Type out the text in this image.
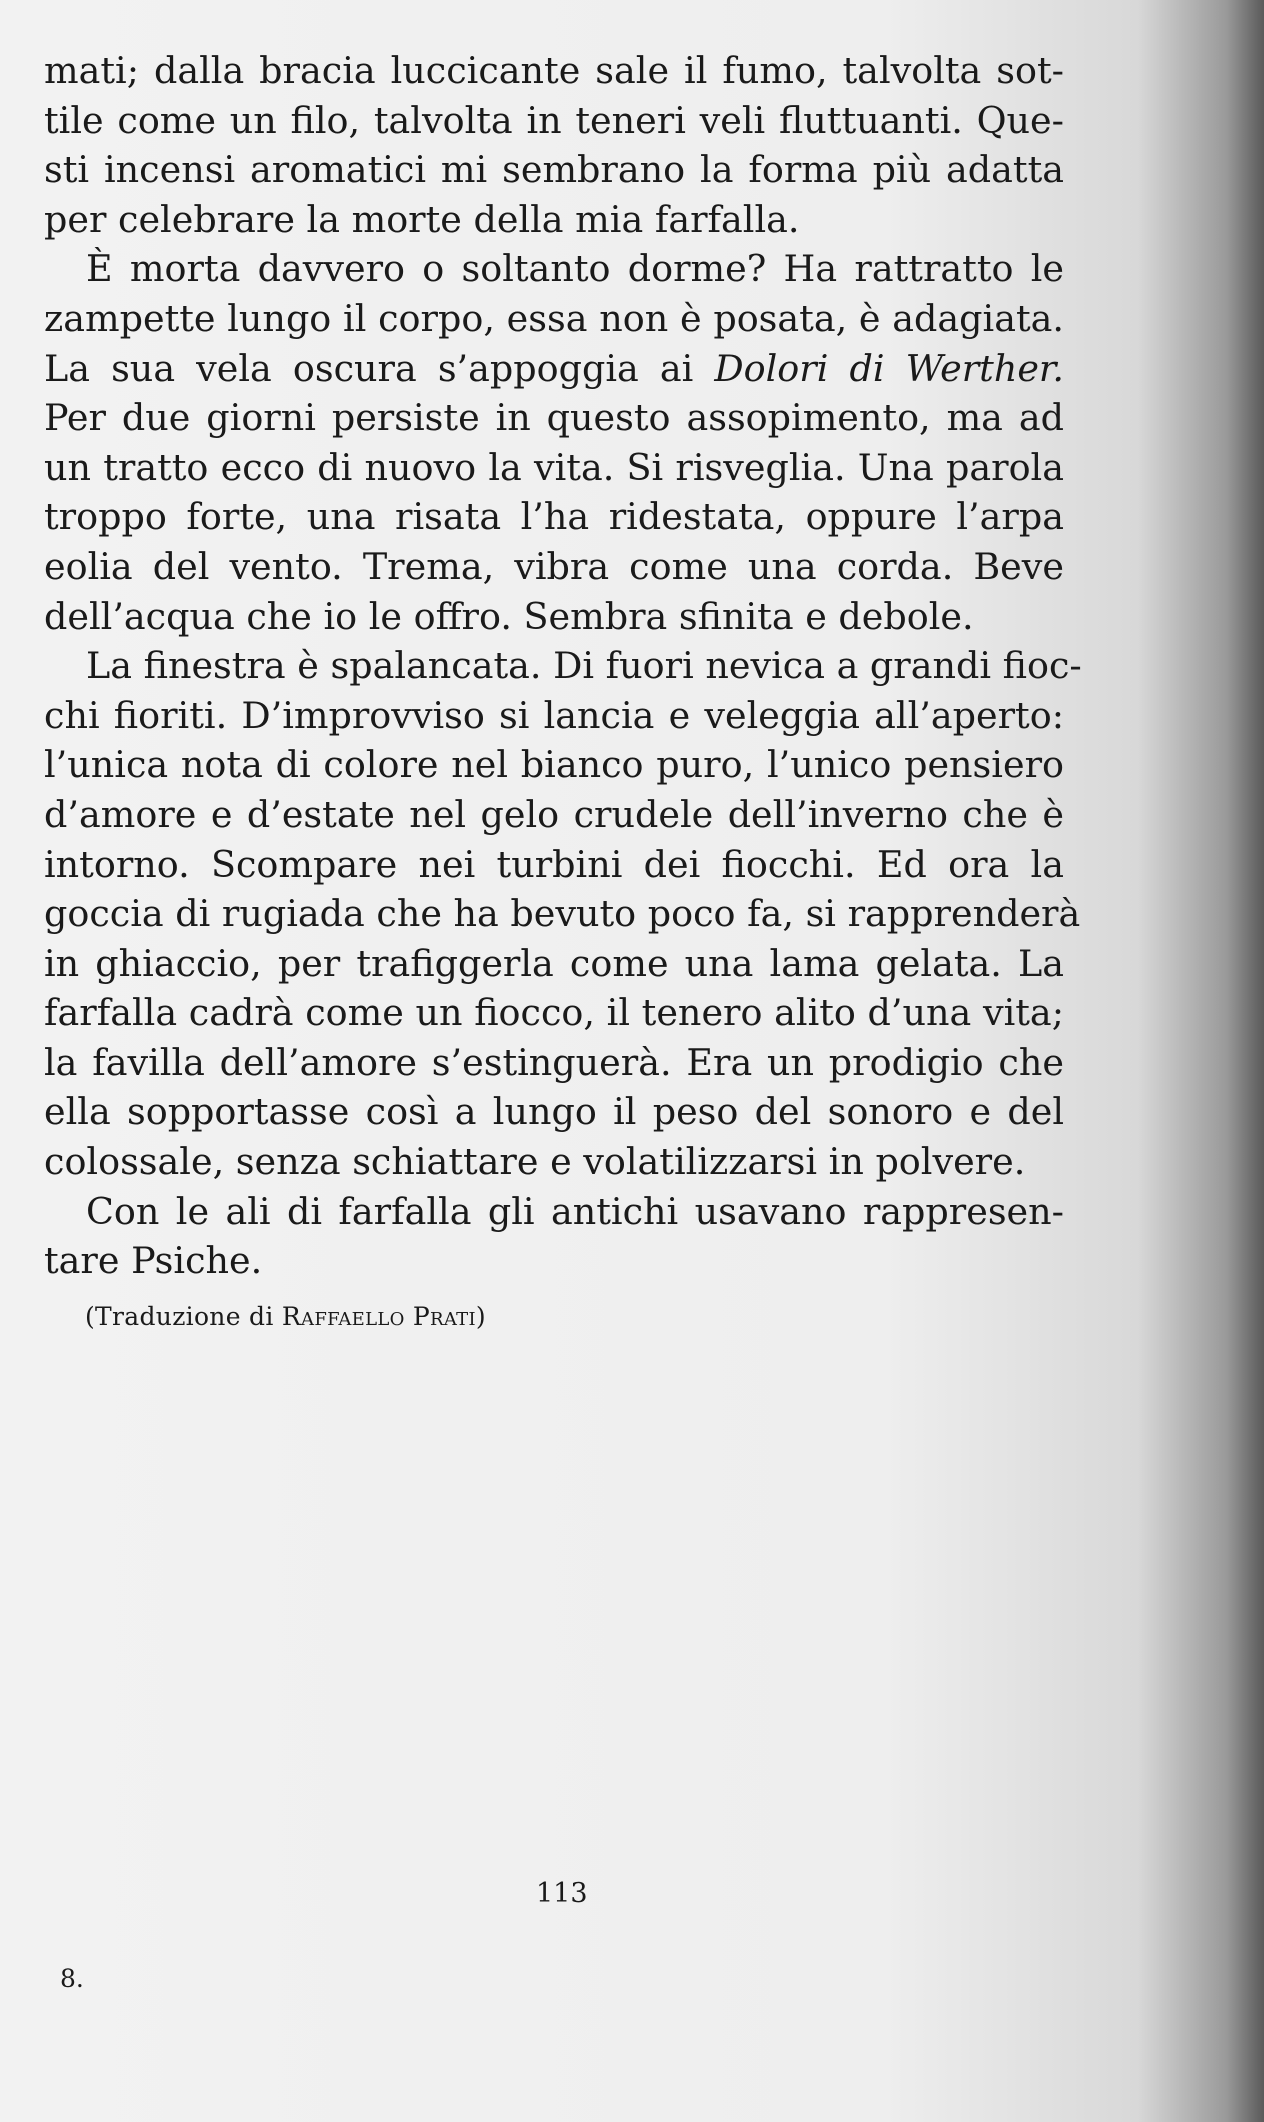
mati; dalla bracia luccicante sale il fumo, talvolta sot-
tile come un filo, talvolta in teneri veli fluttuanti. Que-
sti incensi aromatici mi sembrano la forma più adatta
per celebrare la morte della mia farfalla.
È morta davvero o soltanto dorme? Ha rattratto le
zampette lungo il corpo, essa non è posata, è adagiata.
La sua vela oscura s’appoggia ai Dolori di Werther.
Per due giorni persiste in questo assopimento, ma ad
un tratto ecco di nuovo la vita. Si risveglia. Una parola
troppo forte, una risata l’ha ridestata, oppure l’arpa
eolia del vento. Trema, vibra come una corda. Beve
dell’acqua che io le offro. Sembra sfinita e debole.
La finestra è spalancata. Di fuori nevica a grandi fioc-
chi fioriti. D’improvviso si lancia e veleggia all’aperto:
l’unica nota di colore nel bianco puro, l’unico pensiero
d’amore e d’estate nel gelo crudele dell’inverno che è
intorno. Scompare nei turbini dei fiocchi. Ed ora la
goccia di rugiada che ha bevuto poco fa, si rapprenderà
in ghiaccio, per trafiggerla come una lama gelata. La
farfalla cadrà come un fiocco, il tenero alito d’una vita;
la favilla dell’amore s’estinguerà. Era un prodigio che
ella sopportasse così a lungo il peso del sonoro e del
colossale, senza schiattare e volatilizzarsi in polvere.
Con le ali di farfalla gli antichi usavano rappresen-
tare Psiche.
(Traduzione di Raffaello Prati)
113
8.
